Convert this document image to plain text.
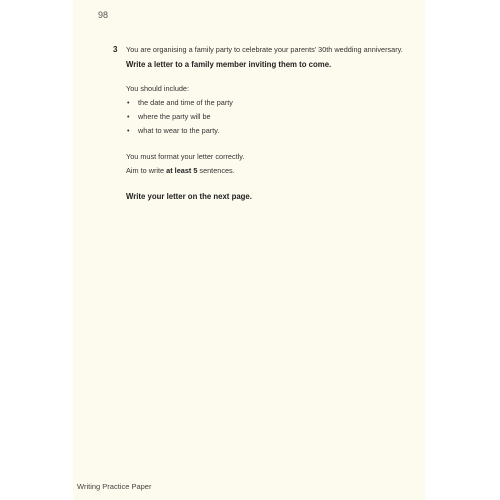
98
3 You are organising a family party to celebrate your parents' 30th wedding anniversary.

Write a letter to a family member inviting them to come.

You should include:

• the date and time of the party
• where the party will be
• what to wear to the party.

You must format your letter correctly.

Aim to write at least 5 sentences.

Write your letter on the next page.

Writing Practice Paper
